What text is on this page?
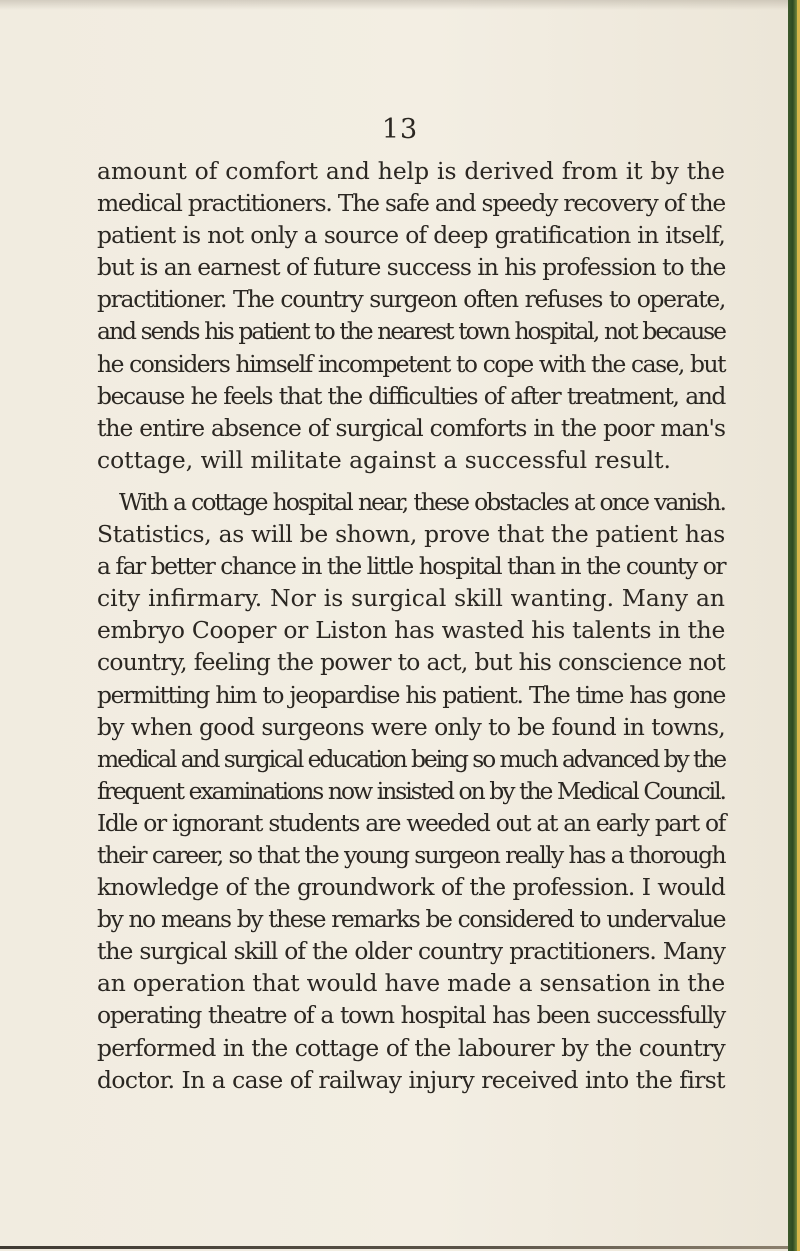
13

amount of comfort and help is derived from it by the
medical practitioners. The safe and speedy recovery of the
patient is not only a source of deep gratification in itself,
but is an earnest of future success in his profession to the
practitioner. The country surgeon often refuses to operate,
and sends his patient to the nearest town hospital, not because
he considers himself incompetent to cope with the case, but
because he feels that the difficulties of after treatment, and
the entire absence of surgical comforts in the poor man's
cottage, will militate against a successful result.

With a cottage hospital near, these obstacles at once vanish.
Statistics, as will be shown, prove that the patient has
a far better chance in the little hospital than in the county or
city infirmary. Nor is surgical skill wanting. Many an
embryo Cooper or Liston has wasted his talents in the
country, feeling the power to act, but his conscience not
permitting him to jeopardise his patient. The time has gone
by when good surgeons were only to be found in towns,
medical and surgical education being so much advanced by the
frequent examinations now insisted on by the Medical Council.
Idle or ignorant students are weeded out at an early part of
their career, so that the young surgeon really has a thorough
knowledge of the groundwork of the profession. I would
by no means by these remarks be considered to undervalue
the surgical skill of the older country practitioners. Many
an operation that would have made a sensation in the
operating theatre of a town hospital has been successfully
performed in the cottage of the labourer by the country
doctor. In a case of railway injury received into the first
